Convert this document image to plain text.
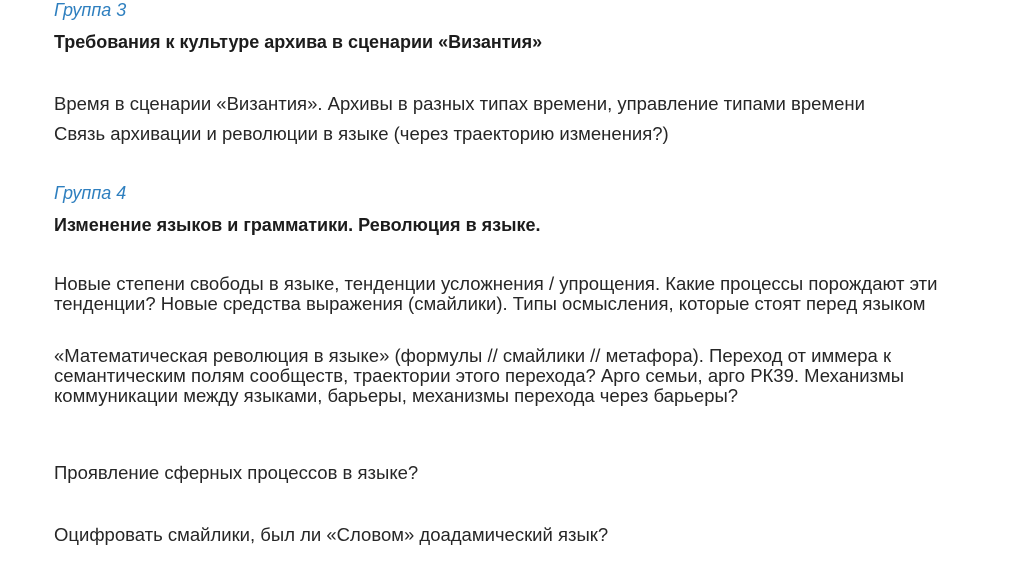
Группа 3
Требования к культуре архива в сценарии «Византия»
Время в сценарии «Византия». Архивы в разных типах времени, управление типами времени
Связь архивации и революции в языке (через траекторию изменения?)
Группа 4
Изменение языков и грамматики. Революция в языке.
Новые степени свободы в языке, тенденции усложнения / упрощения. Какие процессы порождают эти тенденции? Новые средства выражения (смайлики). Типы осмысления, которые стоят перед языком
«Математическая революция в языке» (формулы // смайлики // метафора). Переход от иммера к семантическим полям сообществ, траектории этого перехода? Арго семьи, арго РК39. Механизмы коммуникации между языками, барьеры, механизмы перехода через барьеры?
Проявление сферных процессов в языке?
Оцифровать смайлики, был ли «Словом» доадамический язык?
